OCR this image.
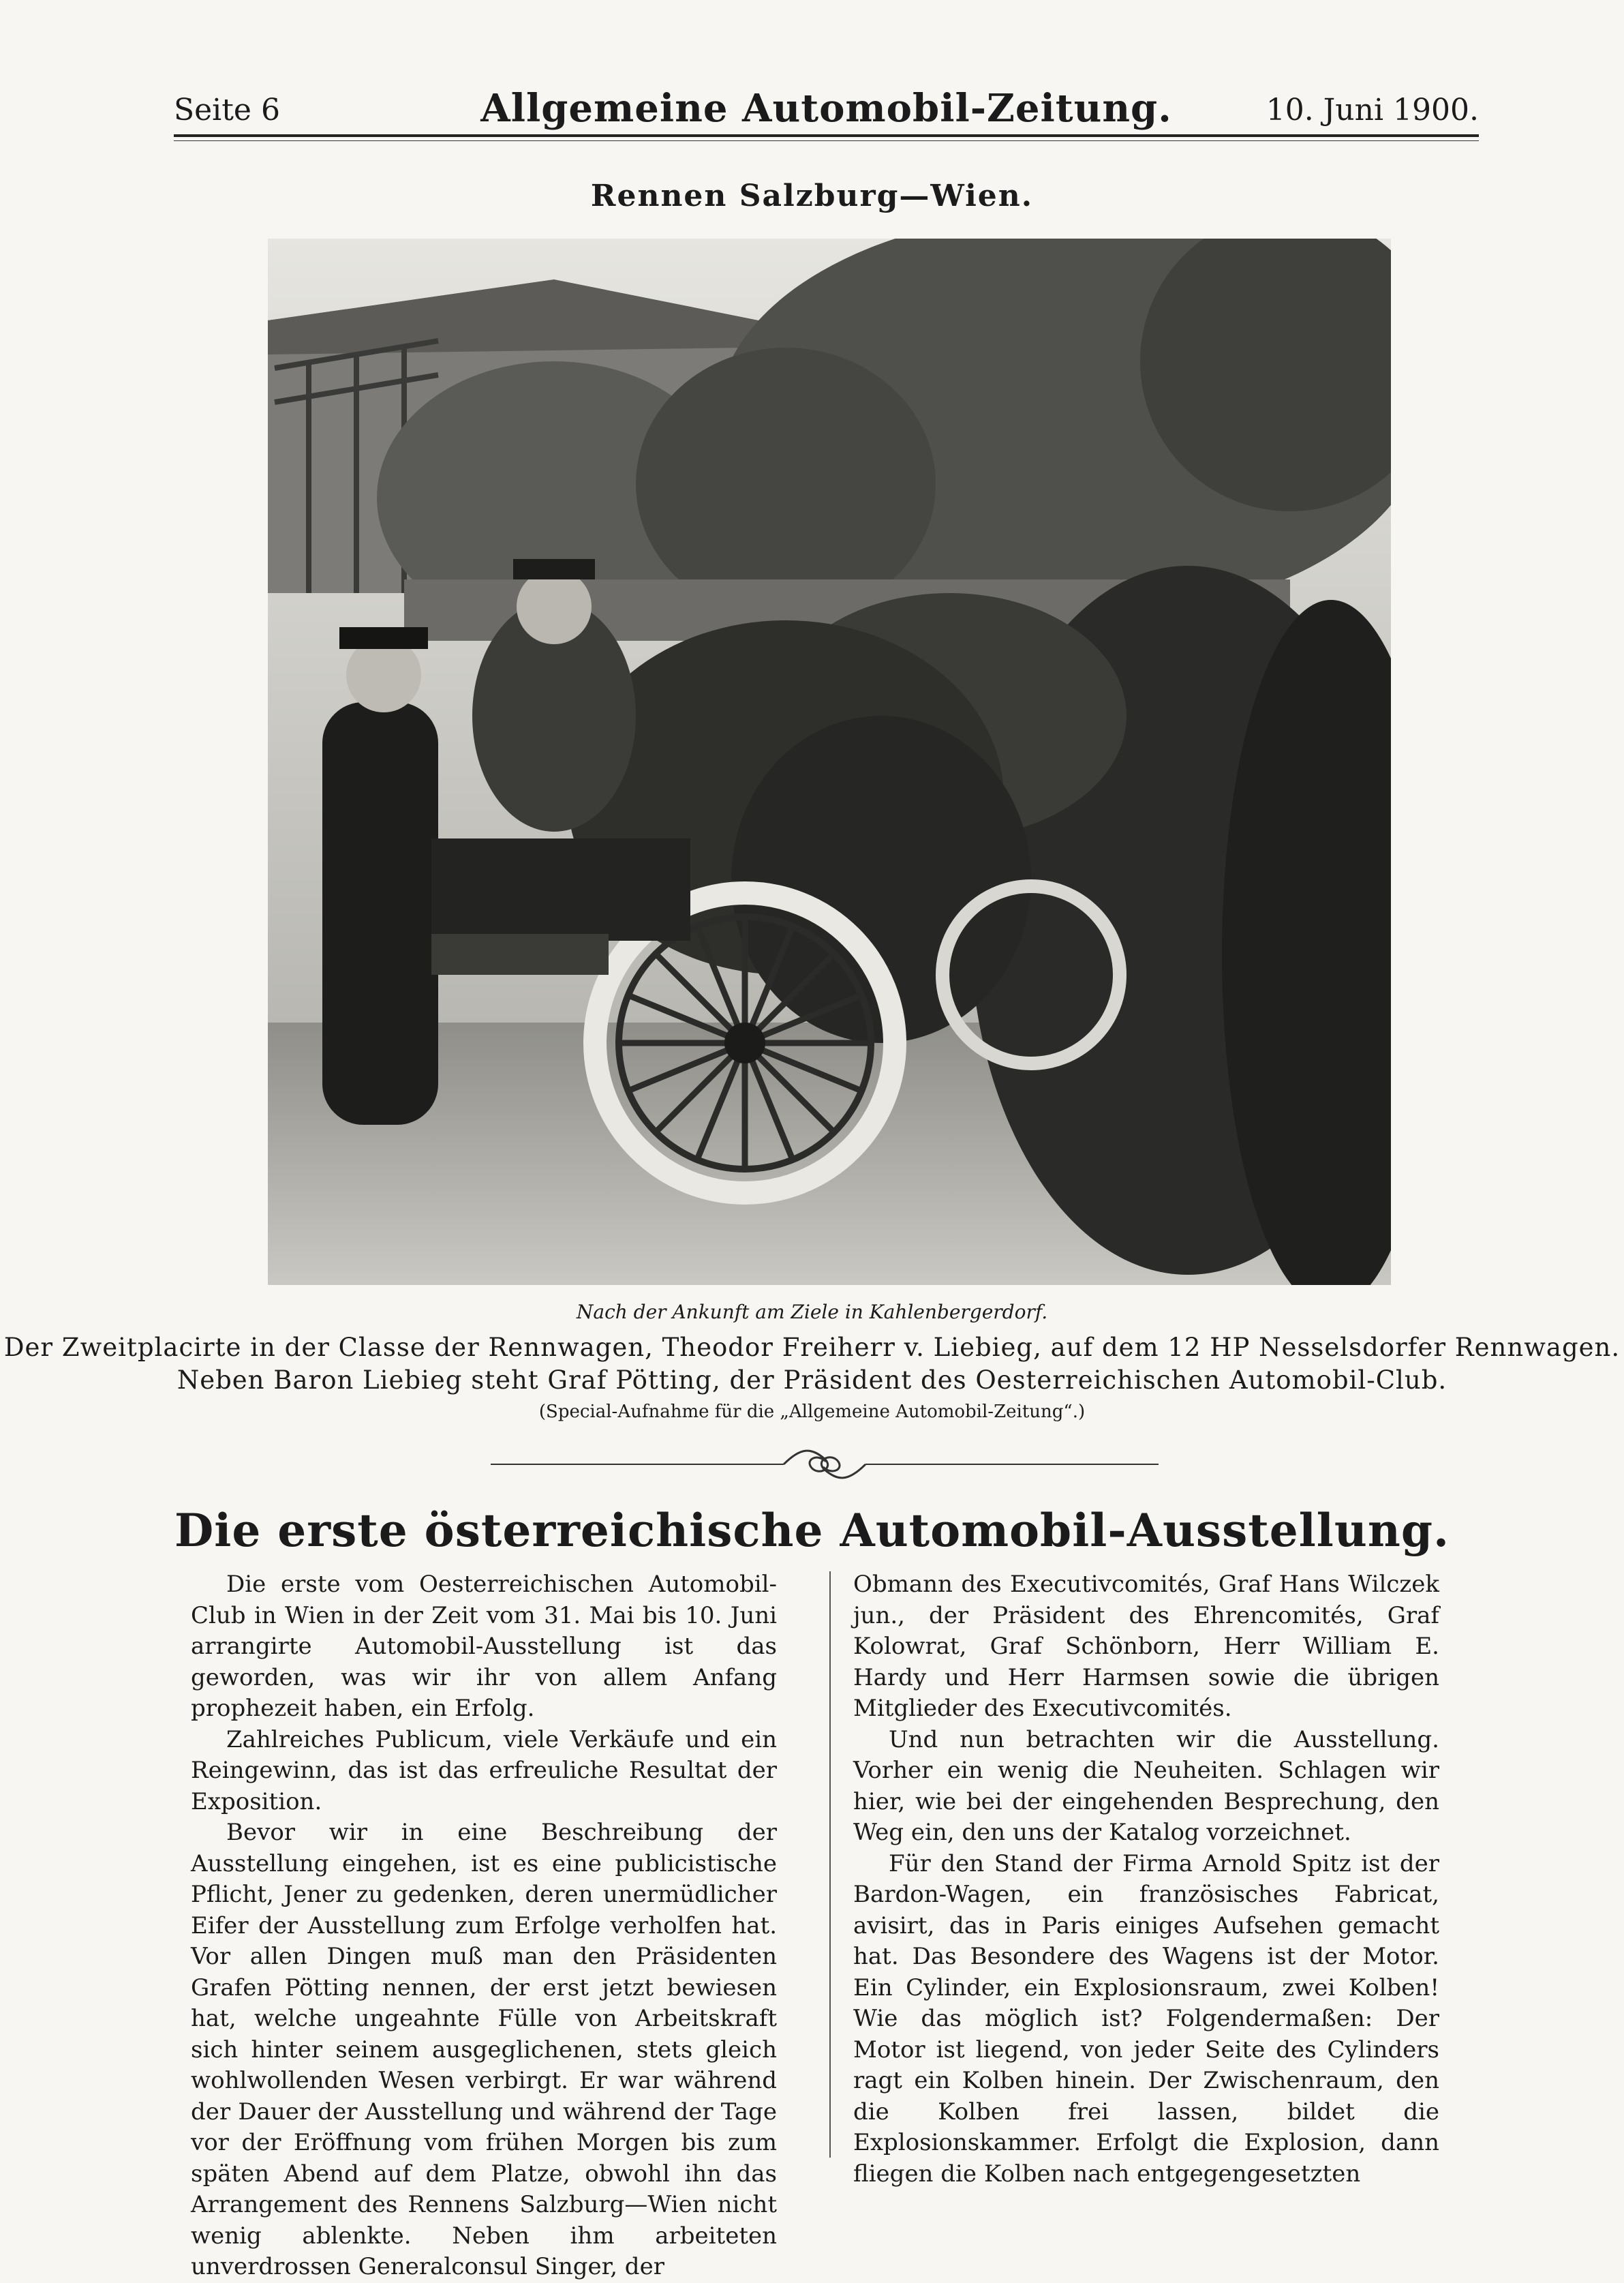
Seite 6	Allgemeine Automobil-Zeitung.	10. Juni 1900.
Rennen Salzburg—Wien.
Nach der Ankunft am Ziele in Kahlenbergerdorf.
Der Zweitplacirte in der Classe der Rennwagen, Theodor Freiherr v. Liebieg, auf dem 12 HP Nesselsdorfer Rennwagen.
Neben Baron Liebieg steht Graf Pötting, der Präsident des Oesterreichischen Automobil-Club.
(Special-Aufnahme für die „Allgemeine Automobil-Zeitung“.)
Die erste österreichische Automobil-Ausstellung.

Die erste vom Oesterreichischen Automobil-Club in Wien in der Zeit vom 31. Mai bis 10. Juni arrangirte Automobil-Ausstellung ist das geworden, was wir ihr von allem Anfang prophezeit haben, ein Erfolg.

Zahlreiches Publicum, viele Verkäufe und ein Reingewinn, das ist das erfreuliche Resultat der Exposition.

Bevor wir in eine Beschreibung der Ausstellung eingehen, ist es eine publicistische Pflicht, Jener zu gedenken, deren unermüdlicher Eifer der Ausstellung zum Erfolge verholfen hat. Vor allen Dingen muß man den Präsidenten Grafen Pötting nennen, der erst jetzt bewiesen hat, welche ungeahnte Fülle von Arbeitskraft sich hinter seinem ausgeglichenen, stets gleich wohlwollenden Wesen verbirgt. Er war während der Dauer der Ausstellung und während der Tage vor der Eröffnung vom frühen Morgen bis zum späten Abend auf dem Platze, obwohl ihn das Arrangement des Rennens Salzburg—Wien nicht wenig ablenkte. Neben ihm arbeiteten unverdrossen Generalconsul Singer, der

Obmann des Executivcomités, Graf Hans Wilczek jun., der Präsident des Ehrencomités, Graf Kolowrat, Graf Schönborn, Herr William E. Hardy und Herr Harmsen sowie die übrigen Mitglieder des Executivcomités.

Und nun betrachten wir die Ausstellung. Vorher ein wenig die Neuheiten. Schlagen wir hier, wie bei der eingehenden Besprechung, den Weg ein, den uns der Katalog vorzeichnet.

Für den Stand der Firma Arnold Spitz ist der Bardon-Wagen, ein französisches Fabricat, avisirt, das in Paris einiges Aufsehen gemacht hat. Das Besondere des Wagens ist der Motor. Ein Cylinder, ein Explosionsraum, zwei Kolben! Wie das möglich ist? Folgendermaßen: Der Motor ist liegend, von jeder Seite des Cylinders ragt ein Kolben hinein. Der Zwischenraum, den die Kolben frei lassen, bildet die Explosionskammer. Erfolgt die Explosion, dann fliegen die Kolben nach entgegengesetzten
